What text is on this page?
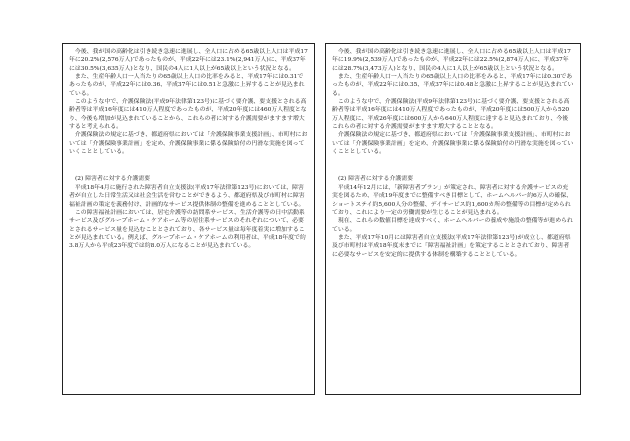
今後、我が国の高齢化は引き続き急速に進展し、全人口に占める65歳以上人口は平成17年に20.2%(2,576万人)であったものが、平成22年には23.1%(2,941万人)に、平成37年には30.5%(3,635万人)となり、国民の4人に1人以上が65歳以上という状況となる。

また、生産年齢人口一人当たりの65歳以上人口の比率をみると、平成17年には0.31であったものが、平成22年には0.36、平成37年には0.51と急激に上昇することが見込まれている。

このような中で、介護保険法(平成9年法律第123号)に基づく要介護、要支援とされる高齢者等は平成16年度には410万人程度であったものが、平成20年度には460万人程度となり、今後も増加が見込まれていることから、これらの者に対する介護需要がますます増大すると考えられる。

介護保険法の規定に基づき、都道府県においては「介護保険事業支援計画」、市町村においては「介護保険事業計画」を定め、介護保険事業に係る保険給付の円滑な実施を図っていくこととしている。

(2) 障害者に対する介護需要

平成18年4月に施行された障害者自立支援法(平成17年法律第123号)においては、障害者が自立した日常生活又は社会生活を営むことができるよう、都道府県及び市町村に障害福祉計画の策定を義務付け、計画的なサービス提供体制の整備を進めることとしている。

この障害福祉計画においては、居宅介護等の訪問系サービス、生活介護等の日中活動系サービス及びグループホーム・ケアホーム等の居住系サービスのそれぞれについて、必要とされるサービス量を見込むこととされており、各サービス量は毎年度着実に増加することが見込まれている。例えば、グループホーム・ケアホームの利用者は、平成18年度で約3.8万人から平成23年度では約8.0万人になることが見込まれている。

今後、我が国の高齢化は引き続き急速に進展し、全人口に占める65歳以上人口は平成17年に19.9%(2,539万人)であったものが、平成22年には22.5%(2,874万人)に、平成37年には28.7%(3,473万人)となり、国民の4人に1人以上が65歳以上という状況となる。

また、生産年齢人口一人当たりの65歳以上人口の比率をみると、平成17年には0.30であったものが、平成22年には0.35、平成37年には0.48と急激に上昇することが見込まれている。

このような中で、介護保険法(平成9年法律第123号)に基づく要介護、要支援とされる高齢者等は平成16年度には410万人程度であったものが、平成20年度には500万人から520万人程度に、平成26年度には600万人から640万人程度に達すると見込まれており、今後これらの者に対する介護需要がますます増大することとなる。

介護保険法の規定に基づき、都道府県においては「介護保険事業支援計画」、市町村においては「介護保険事業計画」を定め、介護保険事業に係る保険給付の円滑な実施を図っていくこととしている。

(2) 障害者に対する介護需要

平成14年12月には、「新障害者プラン」が策定され、障害者に対する介護サービスの充実を図るため、平成19年度までに整備すべき目標として、ホームヘルパー約6万人の確保、ショートステイ約5,600人分の整備、デイサービス約1,600カ所の整備等の目標が定められており、これにより一定の労働需要が生じることが見込まれる。

現在、これらの数値目標を達成すべく、ホームヘルパーの養成や施設の整備等が進められている。

また、平成17年10月には障害者自立支援法(平成17年法律第123号)が成立し、都道府県及び市町村は平成18年度末までに「障害福祉計画」を策定することとされており、障害者に必要なサービスを安定的に提供する体制を構築することとしている。
